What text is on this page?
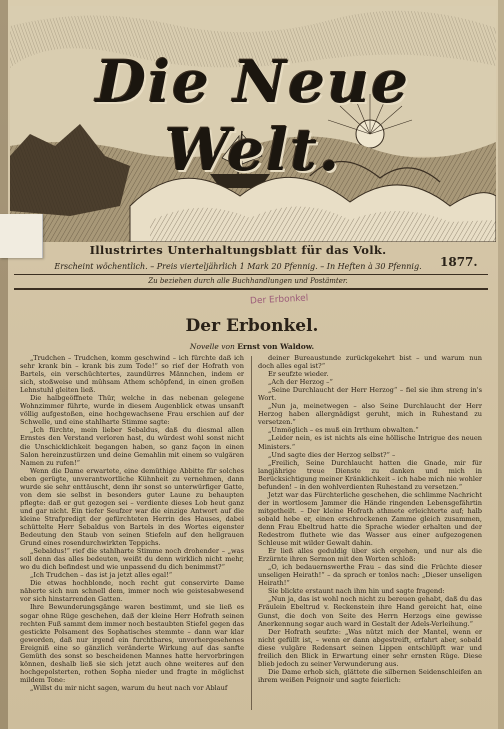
Die Neue Welt.
Illustrirtes Unterhaltungsblatt für das Volk.
1877.
Erscheint wöchentlich. – Preis vierteljährlich 1 Mark 20 Pfennig. – In Heften à 30 Pfennig.
Zu beziehen durch alle Buchhandlungen und Postämter.
Der Erbonkel
Der Erbonkel.
Novelle von Ernst von Waldow.

„Trudchen – Trudchen, komm geschwind – ich fürchte daß ich sehr krank bin – krank bis zum Tode!“ so rief der Hofrath von Bartels, ein verschüchtertes, zaundürres Männchen, indem er sich, stoßweise und mühsam Athem schöpfend, in einen großen Lehnstuhl gleiten ließ.

Die halbgeöffnete Thür, welche in das nebenan gelegene Wohnzimmer führte, wurde in diesem Augenblick etwas unsanft völlig aufgestoßen, eine hochgewachsene Frau erschien auf der Schwelle, und eine stahlharte Stimme sagte:

„Ich fürchte, mein lieber Sebaldus, daß du diesmal allen Ernstes den Verstand verloren hast, du würdest wohl sonst nicht die Unschicklichkeit begangen haben, so ganz façon in einen Salon hereinzustürzen und deine Gemahlin mit einem so vulgären Namen zu rufen!“

Wenn die Dame erwartete, eine demüthige Abbitte für solches eben gerügte, unverantwortliche Kühnheit zu vernehmen, dann wurde sie sehr enttäuscht, denn ihr sonst so unterwürfiger Gatte, von dem sie selbst in besonders guter Laune zu behaupten pflegte: daß er gut gezogen sei – verdiente dieses Lob heut ganz und gar nicht. Ein tiefer Seufzer war die einzige Antwort auf die kleine Strafpredigt der gefürchteten Herrin des Hauses, dabei schüttelte Herr Sebaldus von Bartels in des Wortes eigenster Bedeutung den Staub von seinen Stiefeln auf den hellgrauen Grund eines rosendurchwirkten Teppichs.

„Sebaldus!“ rief die stahlharte Stimme noch drohender – „was soll denn das alles bedeuten, weißt du denn wirklich nicht mehr, wo du dich befindest und wie unpassend du dich benimmst?“

„Ich Trudchen – das ist ja jetzt alles egal!“

Die etwas hochblonde, noch recht gut conservirte Dame näherte sich nun schnell dem, immer noch wie geistesabwesend vor sich hinstarrenden Gatten.

Ihre Bewunderungsgänge waren bestimmt, und sie ließ es sogar ohne Rüge geschehen, daß der kleine Herr Hofrath seinen rechten Fuß sammt dem immer noch bestaubten Stiefel gegen das gestickte Polsament des Sophatisches stemmte – dann war klar geworden, daß nur irgend ein furchtbares, unvorhergesehenes Ereigniß eine so gänzlich veränderte Wirkung auf das sanfte Gemüth des sonst so bescheidenen Mannes hatte hervorbringen können, deshalb ließ sie sich jetzt auch ohne weiteres auf den hochgepolsterten, rothen Sopha nieder und fragte in möglichst mildem Tone:

„Willst du mir nicht sagen, warum du heut nach vor Ablauf

deiner Bureaustunde zurückgekehrt bist – und warum nun doch alles egal ist?“

Er seufzte wieder.

„Ach der Herzog –“

„Seine Durchlaucht der Herr Herzog“ – fiel sie ihm streng in's Wort.

„Nun ja, meinetwegen – also Seine Durchlaucht der Herr Herzog haben allergnädigst geruht, mich in Ruhestand zu versetzen.“

„Unmöglich – es muß ein Irrthum obwalten.“

„Leider nein, es ist nichts als eine höllische Intrigue des neuen Ministers.“

„Und sagte dies der Herzog selbst?“ –

„Freilich, Seine Durchlaucht hatten die Gnade, mir für langjährige treue Dienste zu danken und mich in Berücksichtigung meiner Kränklichkeit – ich habe mich nie wohler befunden! – in den wohlverdienten Ruhestand zu versetzen.“

Jetzt war das Fürchterliche geschehen, die schlimme Nachricht der in wortlosem Jammer die Hände ringenden Lebensgefährtin mitgetheilt. – Der kleine Hofrath athmete erleichterte auf; halb sobald hebe er, einen erschrockenen Zamme gleich zusammen, denn Frau Ebeltrud hatte die Sprache wieder erhalten und der Redestrom fluthete wie das Wasser aus einer aufgezogenen Schleuse mit wilder Gewalt dahin.

Er ließ alles geduldig über sich ergehen, und nur als die Erzürnte ihren Sermon mit den Worten schloß:

„O, ich bedauernswerthe Frau – das sind die Früchte dieser unseligen Heirath!“ – da sprach er tonlos nach: „Dieser unseligen Heirath!“

Sie blickte erstaunt nach ihm hin und sagte fragend:

„Nun ja, das ist wohl noch nicht zu bereuen gehabt, daß du das Fräulein Ebeltrud v. Reckenstein ihre Hand gereicht hat, eine Gunst, die doch von Seite des Herrn Herzogs eine gewisse Anerkennung sogar auch ward in Gestalt der Adels-Verleihung.“

Der Hofrath seufzte: „Was nützt mich der Mantel, wenn er nicht gefüllt ist, – wenn er dann abgestreift, erfahrt aber, sobald diese vulgäre Redensart seinen Lippen entschlüpft war und freilich den Blick in Erwartung einer sehr ernsten Rüge. Diese blieb jedoch zu seiner Verwunderung aus.

Die Dame erhob sich, glättete die silbernen Seidenschleifen an ihrem weißen Peignoir und sagte feierlich:
